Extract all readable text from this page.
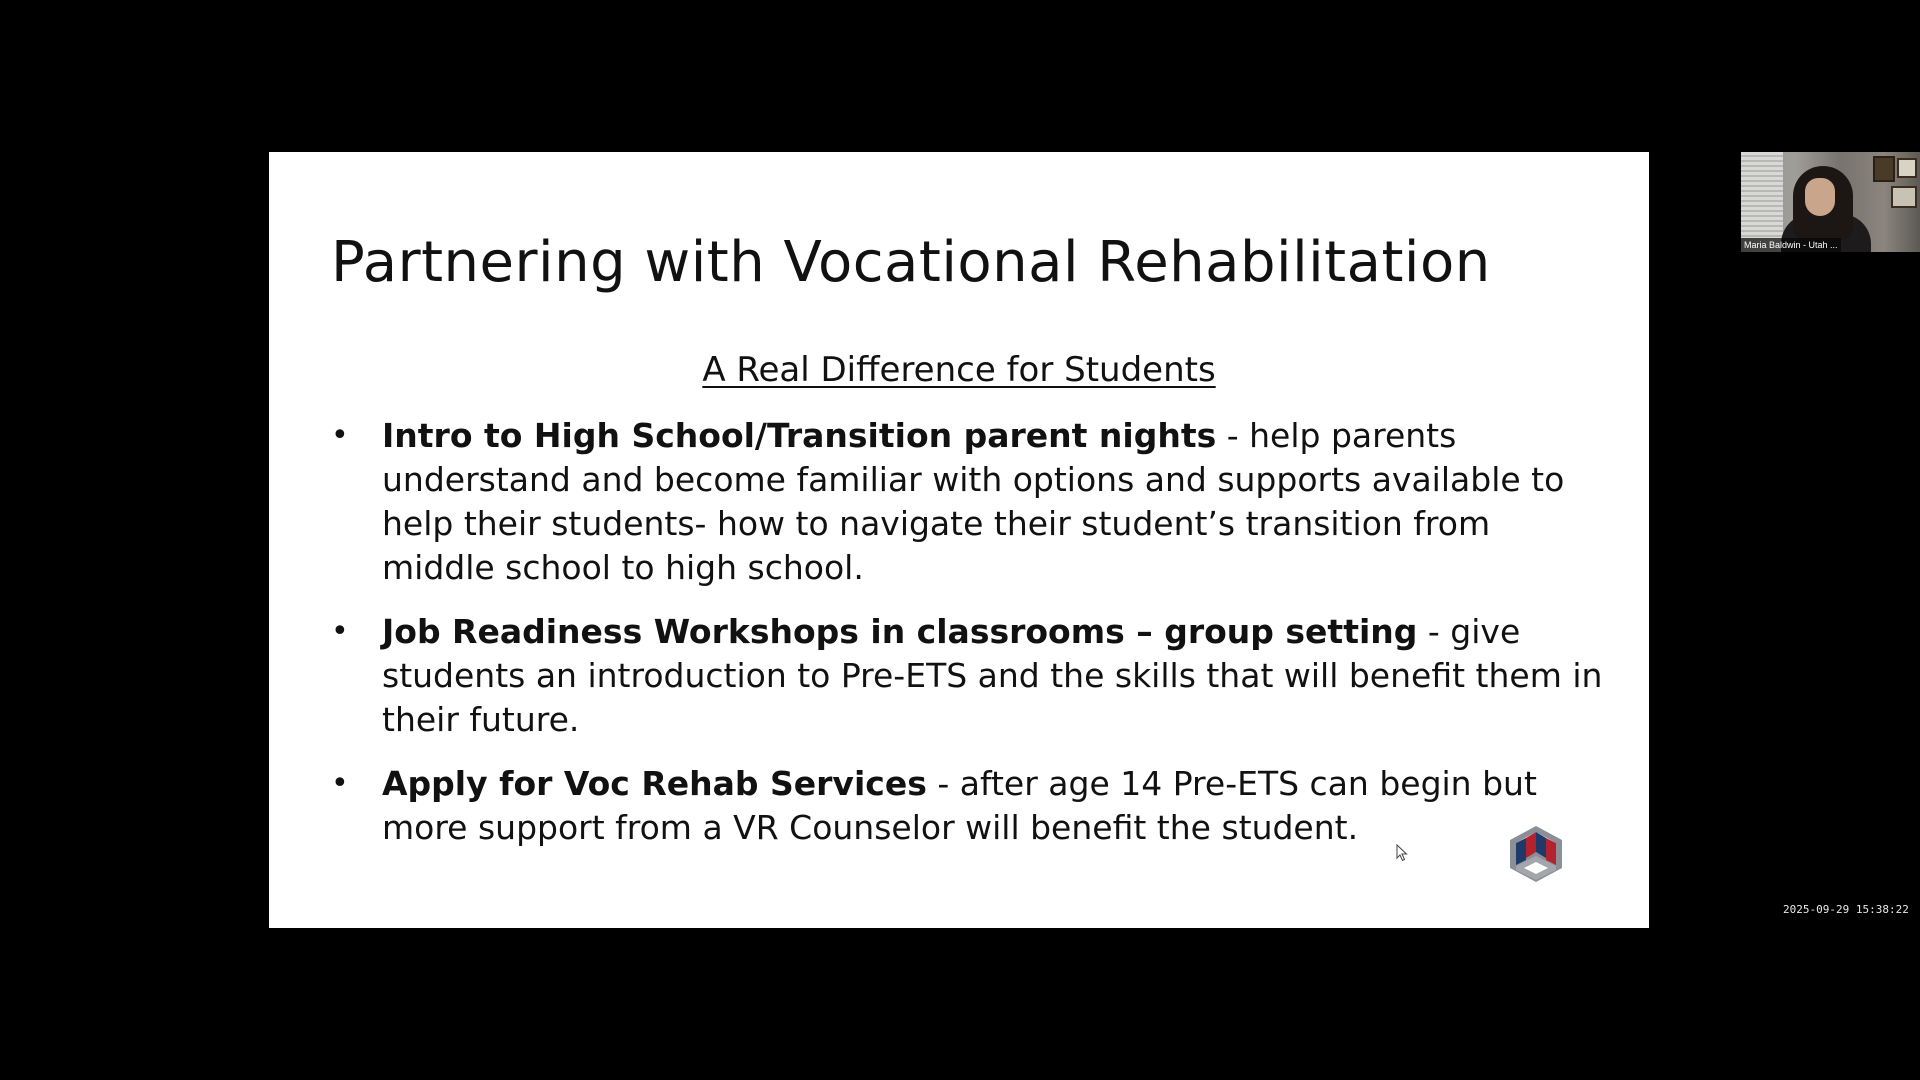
Partnering with Vocational Rehabilitation
A Real Difference for Students
• Intro to High School/Transition parent nights - help parents understand and become familiar with options and supports available to help their students- how to navigate their student’s transition from middle school to high school.
• Job Readiness Workshops in classrooms – group setting - give students an introduction to Pre-ETS and the skills that will benefit them in their future.
• Apply for Voc Rehab Services - after age 14 Pre-ETS can begin but more support from a VR Counselor will benefit the student.
Maria Baldwin - Utah ...
2025-09-29 15:38:22
